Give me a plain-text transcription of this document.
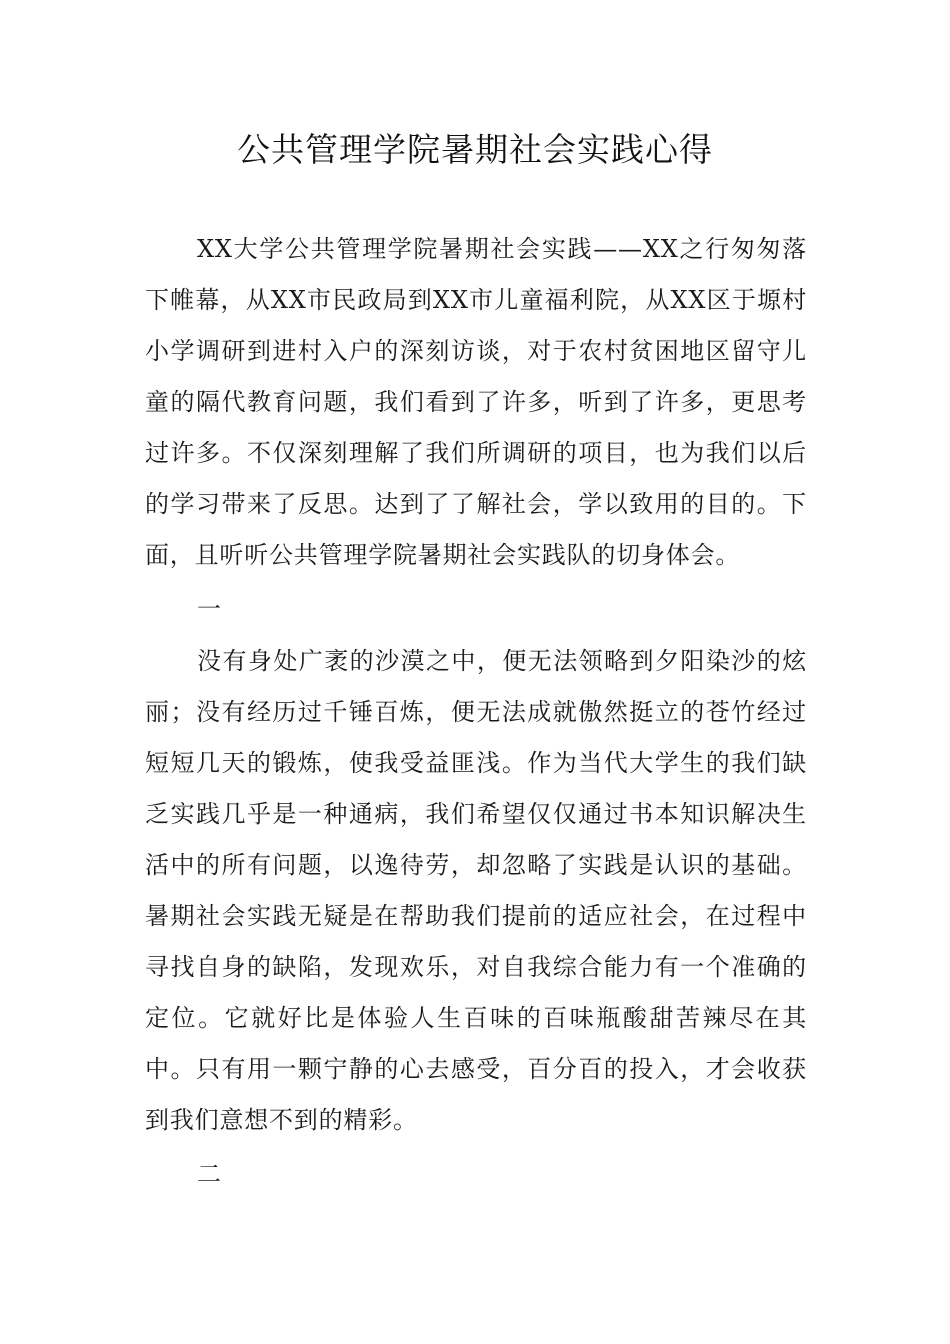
公共管理学院暑期社会实践心得

XX大学公共管理学院暑期社会实践——XX之行匆匆落下帷幕，从XX市民政局到XX市儿童福利院，从XX区于塬村小学调研到进村入户的深刻访谈，对于农村贫困地区留守儿童的隔代教育问题，我们看到了许多，听到了许多，更思考过许多。不仅深刻理解了我们所调研的项目，也为我们以后的学习带来了反思。达到了了解社会，学以致用的目的。下面，且听听公共管理学院暑期社会实践队的切身体会。

一

没有身处广袤的沙漠之中，便无法领略到夕阳染沙的炫丽；没有经历过千锤百炼，便无法成就傲然挺立的苍竹经过短短几天的锻炼，使我受益匪浅。作为当代大学生的我们缺乏实践几乎是一种通病，我们希望仅仅通过书本知识解决生活中的所有问题，以逸待劳，却忽略了实践是认识的基础。暑期社会实践无疑是在帮助我们提前的适应社会，在过程中寻找自身的缺陷，发现欢乐，对自我综合能力有一个准确的定位。它就好比是体验人生百味的百味瓶酸甜苦辣尽在其中。只有用一颗宁静的心去感受，百分百的投入，才会收获到我们意想不到的精彩。

二
